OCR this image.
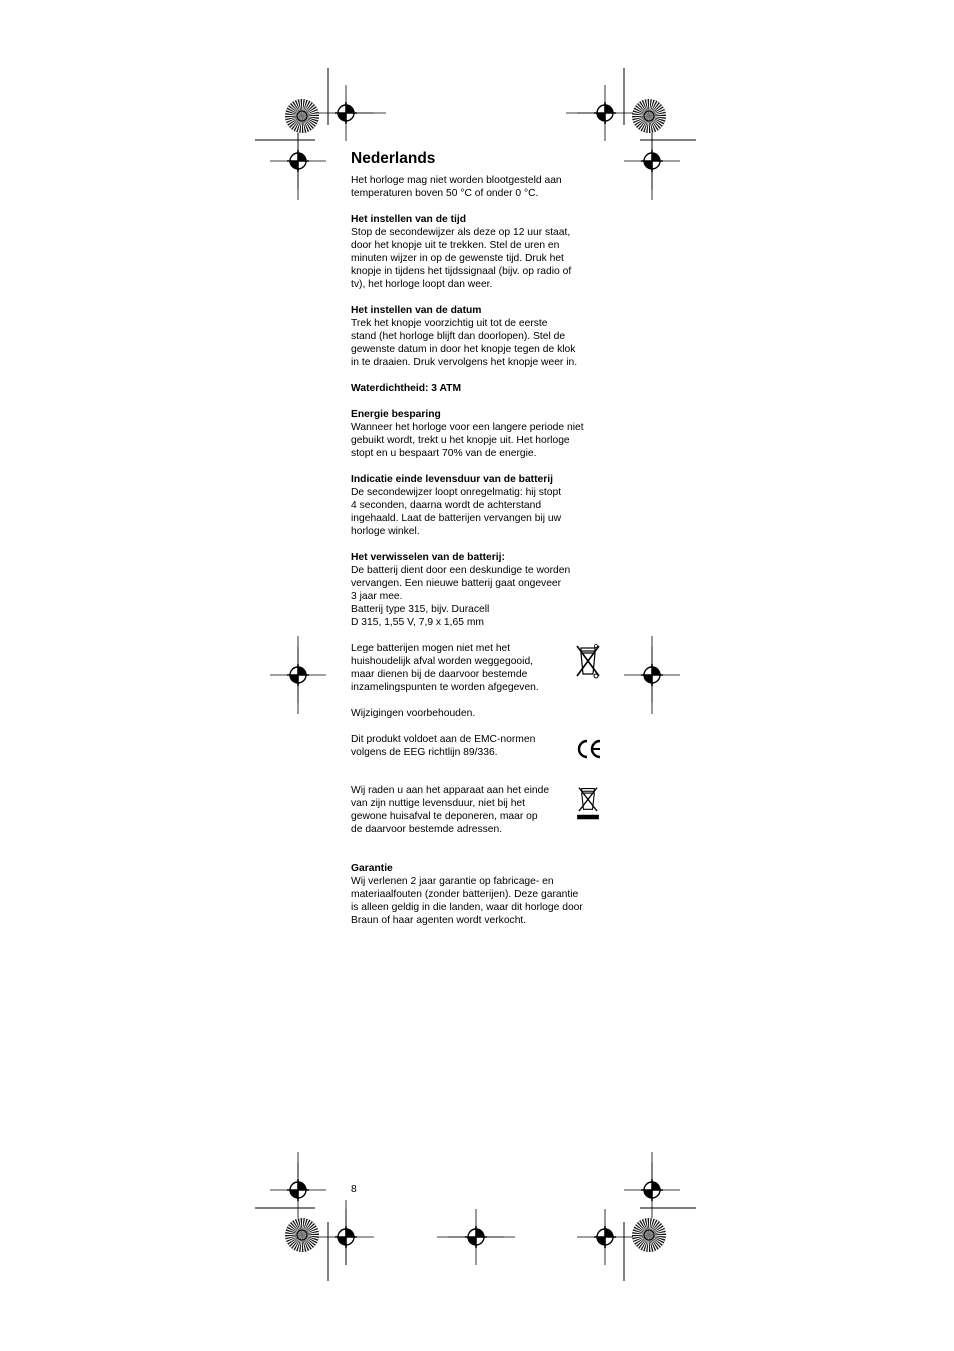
Nederlands
Het horloge mag niet worden blootgesteld aan
temperaturen boven 50 °C of onder 0 °C.
Het instellen van de tijd
Stop de secondewijzer als deze op 12 uur staat,
door het knopje uit te trekken. Stel de uren en
minuten wijzer in op de gewenste tijd. Druk het
knopje in tijdens het tijdssignaal (bijv. op radio of
tv), het horloge loopt dan weer.
Het instellen van de datum
Trek het knopje voorzichtig uit tot de eerste
stand (het horloge blijft dan doorlopen). Stel de
gewenste datum in door het knopje tegen de klok
in te draaien. Druk vervolgens het knopje weer in.
Waterdichtheid: 3 ATM
Energie besparing
Wanneer het horloge voor een langere periode niet
gebuikt wordt, trekt u het knopje uit. Het horloge
stopt en u bespaart 70% van de energie.
Indicatie einde levensduur van de batterij
De secondewijzer loopt onregelmatig: hij stopt
4 seconden, daarna wordt de achterstand
ingehaald. Laat de batterijen vervangen bij uw
horloge winkel.
Het verwisselen van de batterij:
De batterij dient door een deskundige te worden
vervangen. Een nieuwe batterij gaat ongeveer
3 jaar mee.
Batterij type 315, bijv. Duracell
D 315, 1,55 V, 7,9 x 1,65 mm
Lege batterijen mogen niet met het
huishoudelijk afval worden weggegooid,
maar dienen bij de daarvoor bestemde
inzamelingspunten te worden afgegeven.
Wijzigingen voorbehouden.
Dit produkt voldoet aan de EMC-normen
volgens de EEG richtlijn 89/336.
Wij raden u aan het apparaat aan het einde
van zijn nuttige levensduur, niet bij het
gewone huisafval te deponeren, maar op
de daarvoor bestemde adressen.
Garantie
Wij verlenen 2 jaar garantie op fabricage- en
materiaalfouten (zonder batterijen). Deze garantie
is alleen geldig in die landen, waar dit horloge door
Braun of haar agenten wordt verkocht.
8
